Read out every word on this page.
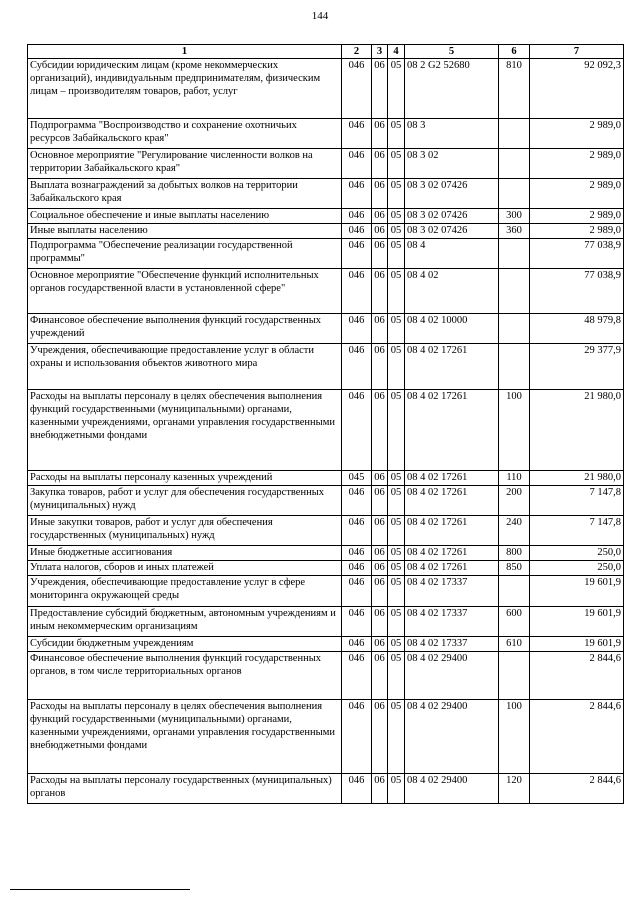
144
1	2	3	4	5	6	7
Субсидии юридическим лицам (кроме некоммерческих организаций), индивидуальным предпринимателям, физическим лицам – производителям товаров, работ, услуг	046	06	05	08 2 G2 52680	810	92 092,3
Подпрограмма "Воспроизводство и сохранение охотничьих ресурсов Забайкальского края"	046	06	05	08 3		2 989,0
Основное мероприятие "Регулирование численности волков на территории Забайкальского края"	046	06	05	08 3 02		2 989,0
Выплата вознаграждений за добытых волков на территории Забайкальского края	046	06	05	08 3 02 07426		2 989,0
Социальное обеспечение и иные выплаты населению	046	06	05	08 3 02 07426	300	2 989,0
Иные выплаты населению	046	06	05	08 3 02 07426	360	2 989,0
Подпрограмма "Обеспечение реализации государственной программы"	046	06	05	08 4		77 038,9
Основное мероприятие "Обеспечение функций исполнительных органов государственной власти в установленной сфере"	046	06	05	08 4 02		77 038,9
Финансовое обеспечение выполнения функций государственных учреждений	046	06	05	08 4 02 10000		48 979,8
Учреждения, обеспечивающие предоставление услуг в области охраны и использования объектов животного мира	046	06	05	08 4 02 17261		29 377,9
Расходы на выплаты персоналу в целях обеспечения выполнения функций государственными (муниципальными) органами, казенными учреждениями, органами управления государственными внебюджетными фондами	046	06	05	08 4 02 17261	100	21 980,0
Расходы на выплаты персоналу казенных учреждений	045	06	05	08 4 02 17261	110	21 980,0
Закупка товаров, работ и услуг для обеспечения государственных (муниципальных) нужд	046	06	05	08 4 02 17261	200	7 147,8
Иные закупки товаров, работ и услуг для обеспечения государственных (муниципальных) нужд	046	06	05	08 4 02 17261	240	7 147,8
Иные бюджетные ассигнования	046	06	05	08 4 02 17261	800	250,0
Уплата налогов, сборов и иных платежей	046	06	05	08 4 02 17261	850	250,0
Учреждения, обеспечивающие предоставление услуг в сфере мониторинга окружающей среды	046	06	05	08 4 02 17337		19 601,9
Предоставление субсидий бюджетным, автономным учреждениям и иным некоммерческим организациям	046	06	05	08 4 02 17337	600	19 601,9
Субсидии бюджетным учреждениям	046	06	05	08 4 02 17337	610	19 601,9
Финансовое обеспечение выполнения функций государственных органов, в том числе территориальных органов	046	06	05	08 4 02 29400		2 844,6
Расходы на выплаты персоналу в целях обеспечения выполнения функций государственными (муниципальными) органами, казенными учреждениями, органами управления государственными внебюджетными фондами	046	06	05	08 4 02 29400	100	2 844,6
Расходы на выплаты персоналу государственных (муниципальных) органов	046	06	05	08 4 02 29400	120	2 844,6
